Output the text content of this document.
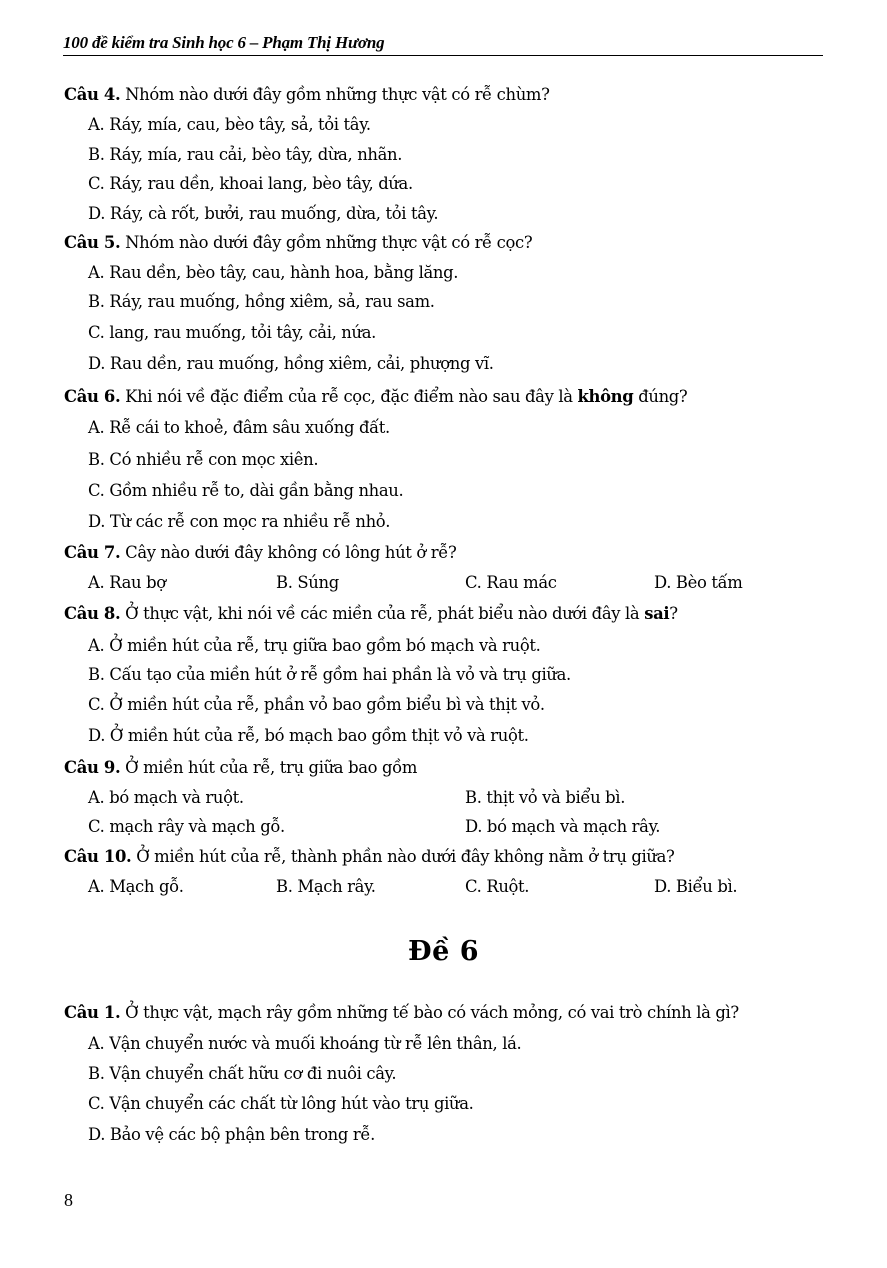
100 đề kiểm tra Sinh học 6 – Phạm Thị Hương
Câu 4. Nhóm nào dưới đây gồm những thực vật có rễ chùm?
A. Ráy, mía, cau, bèo tây, sả, tỏi tây.
B. Ráy, mía, rau cải, bèo tây, dừa, nhãn.
C. Ráy, rau dền, khoai lang, bèo tây, dứa.
D. Ráy, cà rốt, bưởi, rau muống, dừa, tỏi tây.
Câu 5. Nhóm nào dưới đây gồm những thực vật có rễ cọc?
A. Rau dền, bèo tây, cau, hành hoa, bằng lăng.
B. Ráy, rau muống, hồng xiêm, sả, rau sam.
C. lang, rau muống, tỏi tây, cải, nứa.
D. Rau dền, rau muống, hồng xiêm, cải, phượng vĩ.
Câu 6. Khi nói về đặc điểm của rễ cọc, đặc điểm nào sau đây là không đúng?
A. Rễ cái to khoẻ, đâm sâu xuống đất.
B. Có nhiều rễ con mọc xiên.
C. Gồm nhiều rễ to, dài gần bằng nhau.
D. Từ các rễ con mọc ra nhiều rễ nhỏ.
Câu 7. Cây nào dưới đây không có lông hút ở rễ?
A. Rau bợ	B. Súng	C. Rau mác	D. Bèo tấm
Câu 8. Ở thực vật, khi nói về các miền của rễ, phát biểu nào dưới đây là sai?
A. Ở miền hút của rễ, trụ giữa bao gồm bó mạch và ruột.
B. Cấu tạo của miền hút ở rễ gồm hai phần là vỏ và trụ giữa.
C. Ở miền hút của rễ, phần vỏ bao gồm biểu bì và thịt vỏ.
D. Ở miền hút của rễ, bó mạch bao gồm thịt vỏ và ruột.
Câu 9. Ở miền hút của rễ, trụ giữa bao gồm
A. bó mạch và ruột.	B. thịt vỏ và biểu bì.
C. mạch rây và mạch gỗ.	D. bó mạch và mạch rây.
Câu 10. Ở miền hút của rễ, thành phần nào dưới đây không nằm ở trụ giữa?
A. Mạch gỗ.	B. Mạch rây.	C. Ruột.	D. Biểu bì.
Đề 6
Câu 1. Ở thực vật, mạch rây gồm những tế bào có vách mỏng, có vai trò chính là gì?
A. Vận chuyển nước và muối khoáng từ rễ lên thân, lá.
B. Vận chuyển chất hữu cơ đi nuôi cây.
C. Vận chuyển các chất từ lông hút vào trụ giữa.
D. Bảo vệ các bộ phận bên trong rễ.
8
